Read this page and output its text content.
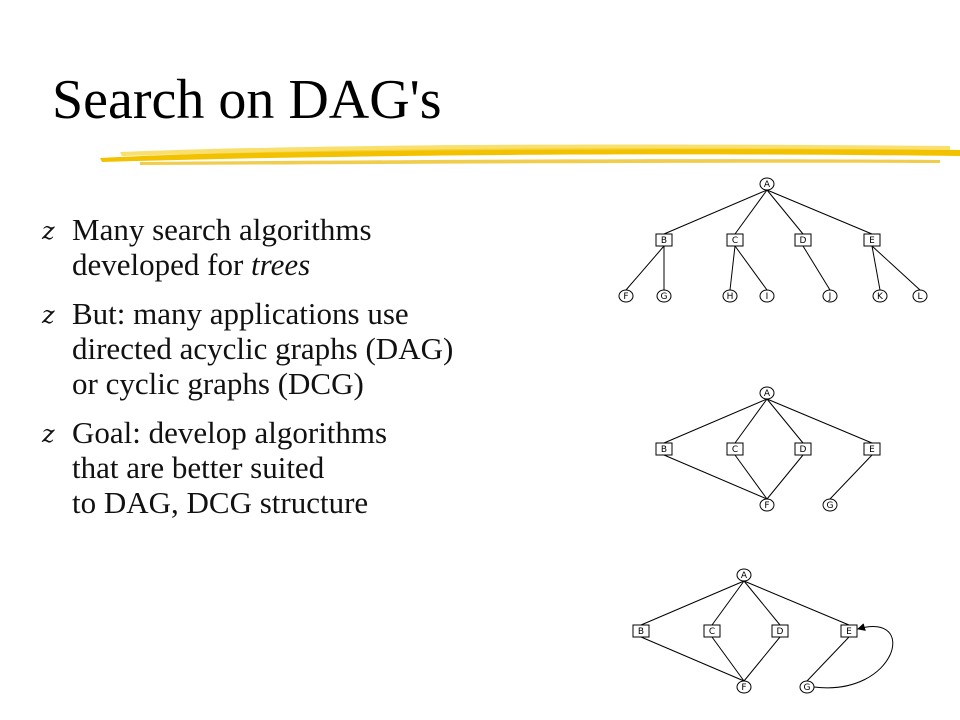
Search on DAG's
z Many search algorithms
developed for trees
z But: many applications use
directed acyclic graphs (DAG)
or cyclic graphs (DCG)
z Goal: develop algorithms
that are better suited
to DAG, DCG structure
A
B	C	D	E
F	G	H	I	J	K	L
A
B	C	D	E
F	G
A
B	C	D	E
F	G
